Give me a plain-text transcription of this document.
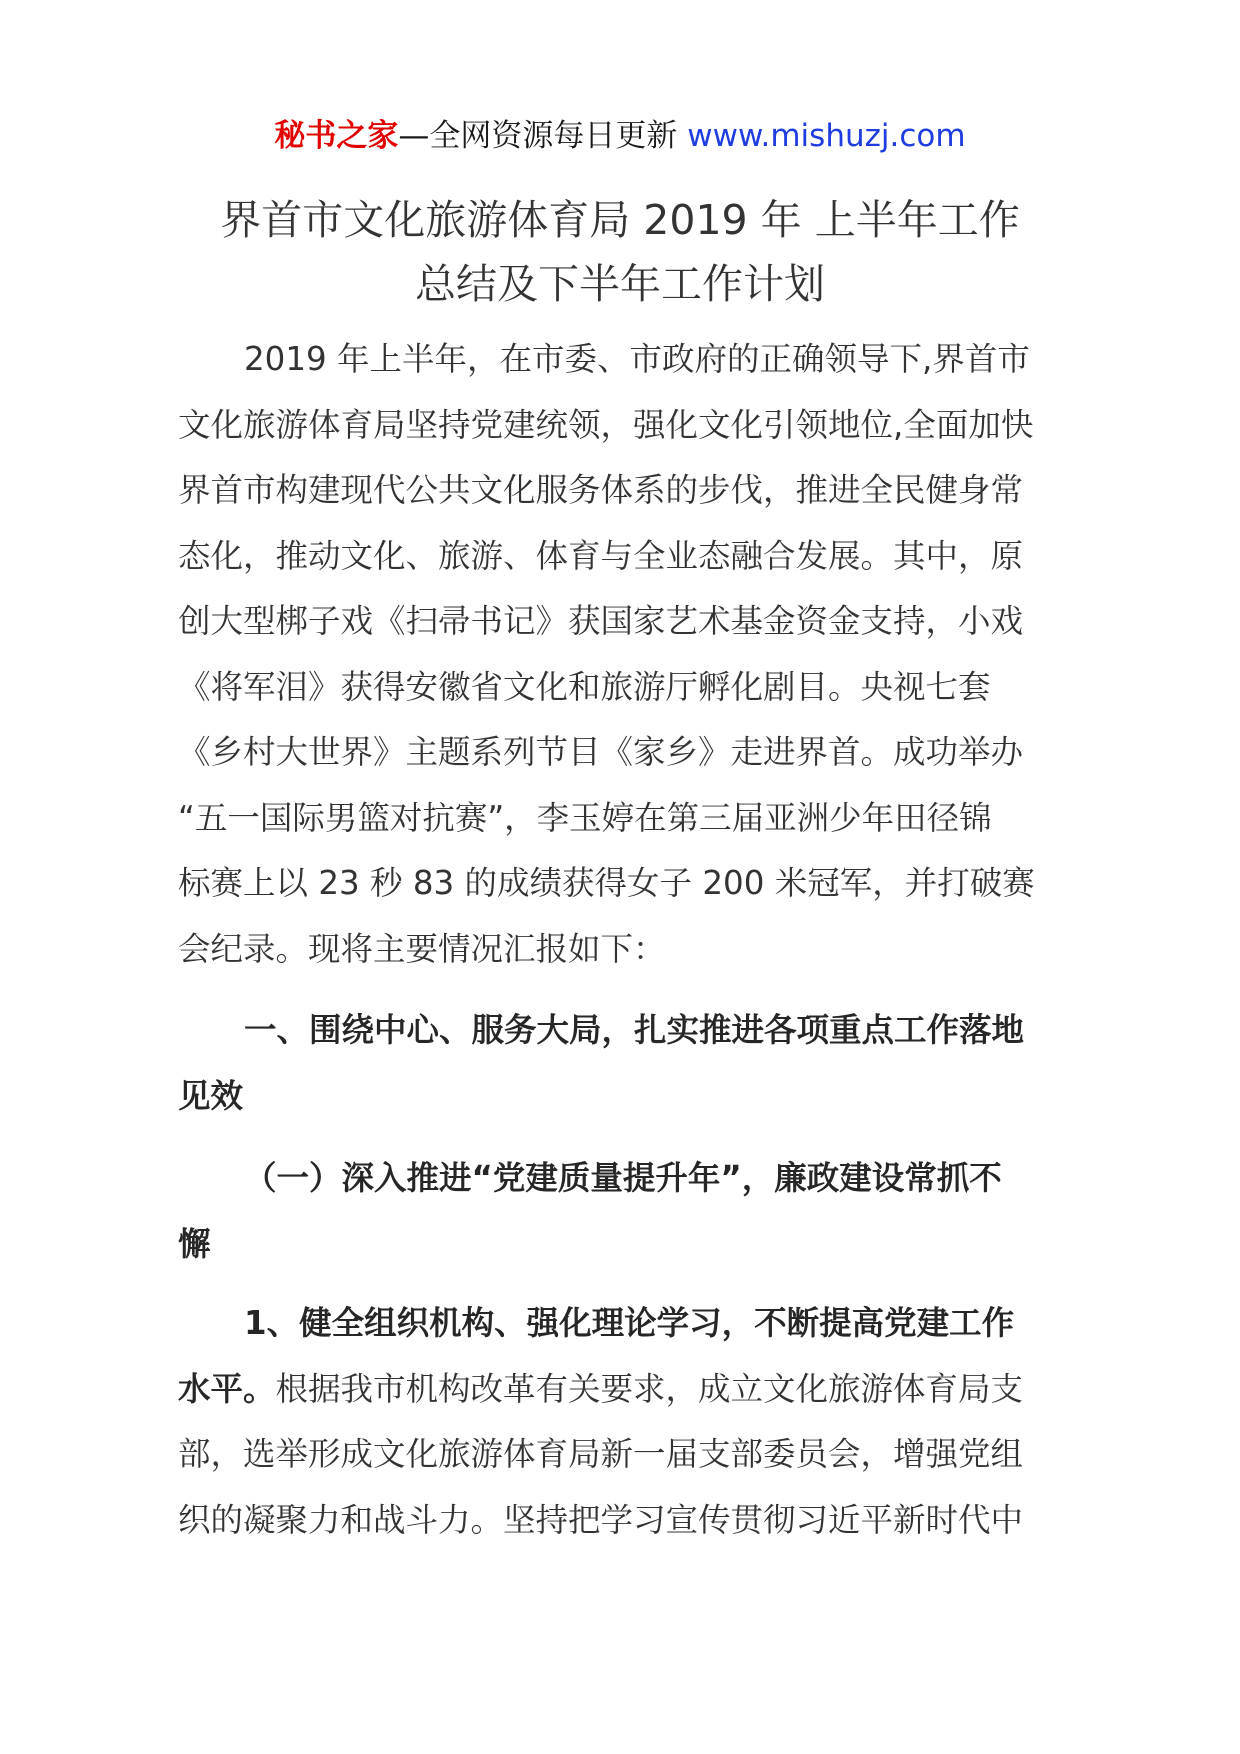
秘书之家—全网资源每日更新 www.mishuzj.com
界首市文化旅游体育局 2019 年 上半年工作
总结及下半年工作计划
2019 年上半年，在市委、市政府的正确领导下,界首市
文化旅游体育局坚持党建统领，强化文化引领地位,全面加快
界首市构建现代公共文化服务体系的步伐，推进全民健身常
态化，推动文化、旅游、体育与全业态融合发展。其中，原
创大型梆子戏《扫帚书记》获国家艺术基金资金支持，小戏
《将军泪》获得安徽省文化和旅游厅孵化剧目。央视七套
《乡村大世界》主题系列节目《家乡》走进界首。成功举办
“五一国际男篮对抗赛”，李玉婷在第三届亚洲少年田径锦
标赛上以 23 秒 83 的成绩获得女子 200 米冠军，并打破赛
会纪录。现将主要情况汇报如下：
一、围绕中心、服务大局，扎实推进各项重点工作落地
见效
（一）深入推进“党建质量提升年”，廉政建设常抓不
懈
1、健全组织机构、强化理论学习，不断提高党建工作
水平。根据我市机构改革有关要求，成立文化旅游体育局支
部，选举形成文化旅游体育局新一届支部委员会，增强党组
织的凝聚力和战斗力。坚持把学习宣传贯彻习近平新时代中
